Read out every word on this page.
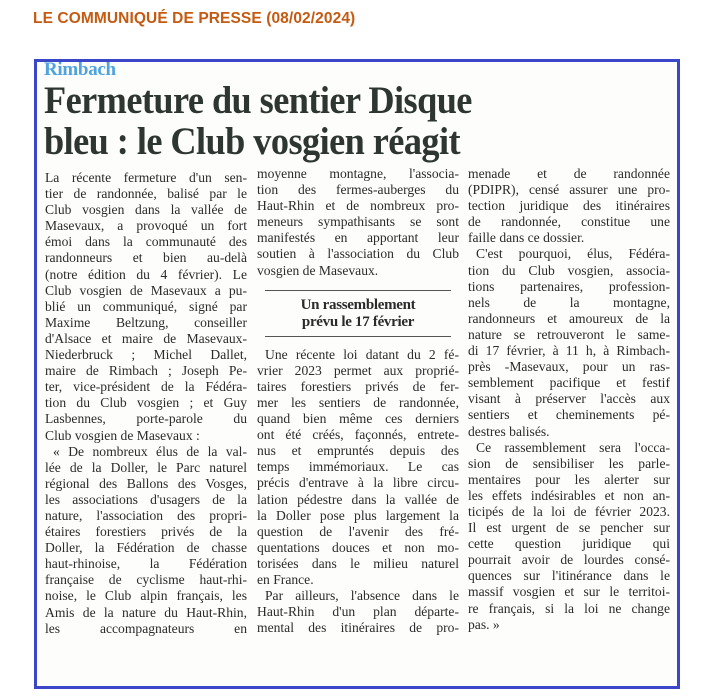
LE COMMUNIQUÉ DE PRESSE (08/02/2024)
Rimbach
Fermeture du sentier Disque
bleu : le Club vosgien réagit
La récente fermeture d'un sen-
tier de randonnée, balisé par le
Club vosgien dans la vallée de
Masevaux, a provoqué un fort
émoi dans la communauté des
randonneurs et bien au-delà
(notre édition du 4 février). Le
Club vosgien de Masevaux a pu-
blié un communiqué, signé par
Maxime Beltzung, conseiller
d'Alsace et maire de Masevaux-
Niederbruck ; Michel Dallet,
maire de Rimbach ; Joseph Pe-
ter, vice-président de la Fédéra-
tion du Club vosgien ; et Guy
Lasbennes, porte-parole du
Club vosgien de Masevaux :
« De nombreux élus de la val-
lée de la Doller, le Parc naturel
régional des Ballons des Vosges,
les associations d'usagers de la
nature, l'association des propri-
étaires forestiers privés de la
Doller, la Fédération de chasse
haut-rhinoise, la Fédération
française de cyclisme haut-rhi-
noise, le Club alpin français, les
Amis de la nature du Haut-Rhin,
les accompagnateurs en
moyenne montagne, l'associa-
tion des fermes-auberges du
Haut-Rhin et de nombreux pro-
meneurs sympathisants se sont
manifestés en apportant leur
soutien à l'association du Club
vosgien de Masevaux.
Un rassemblement
prévu le 17 février
Une récente loi datant du 2 fé-
vrier 2023 permet aux proprié-
taires forestiers privés de fer-
mer les sentiers de randonnée,
quand bien même ces derniers
ont été créés, façonnés, entrete-
nus et empruntés depuis des
temps immémoriaux. Le cas
précis d'entrave à la libre circu-
lation pédestre dans la vallée de
la Doller pose plus largement la
question de l'avenir des fré-
quentations douces et non mo-
torisées dans le milieu naturel
en France.
Par ailleurs, l'absence dans le
Haut-Rhin d'un plan départe-
mental des itinéraires de pro-
menade et de randonnée
(PDIPR), censé assurer une pro-
tection juridique des itinéraires
de randonnée, constitue une
faille dans ce dossier.
C'est pourquoi, élus, Fédéra-
tion du Club vosgien, associa-
tions partenaires, profession-
nels de la montagne,
randonneurs et amoureux de la
nature se retrouveront le same-
di 17 février, à 11 h, à Rimbach-
près -Masevaux, pour un ras-
semblement pacifique et festif
visant à préserver l'accès aux
sentiers et cheminements pé-
destres balisés.
Ce rassemblement sera l'occa-
sion de sensibiliser les parle-
mentaires pour les alerter sur
les effets indésirables et non an-
ticipés de la loi de février 2023.
Il est urgent de se pencher sur
cette question juridique qui
pourrait avoir de lourdes consé-
quences sur l'itinérance dans le
massif vosgien et sur le territoi-
re français, si la loi ne change
pas. »
